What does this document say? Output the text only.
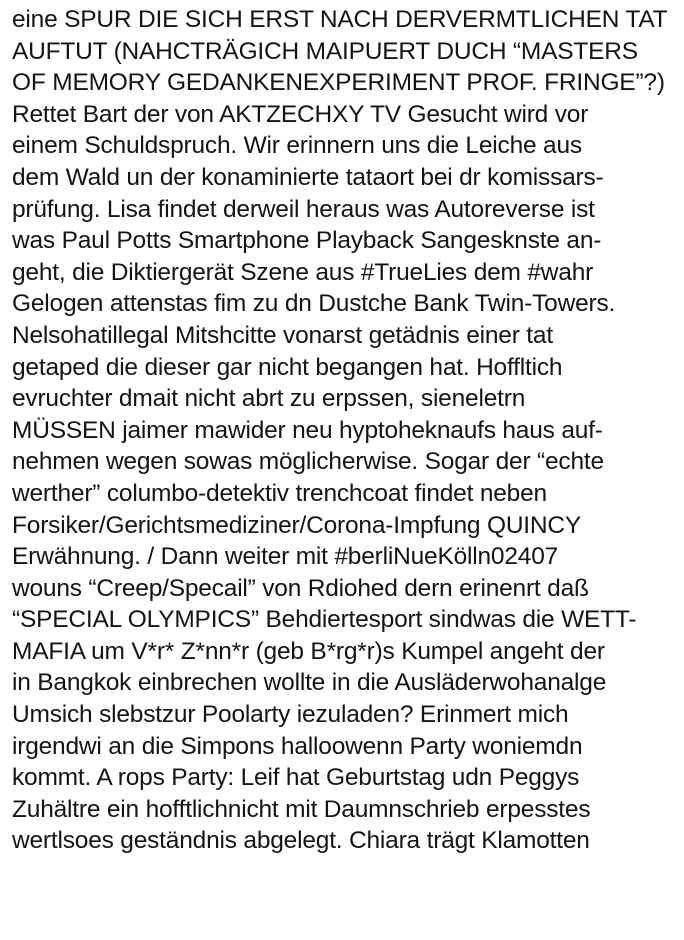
eine SPUR DIE SICH ERST NACH DERVERMTLICHEN TAT
AUFTUT (NAHCTRÄGICH MAIPUERT DUCH “MASTERS
OF MEMORY GEDANKENEXPERIMENT PROF. FRINGE”?)
Rettet Bart der von AKTZECHXY TV Gesucht wird vor
einem Schuldspruch. Wir erinnern uns die Leiche aus
dem Wald un der konaminierte tataort bei dr komissars-
prüfung. Lisa findet derweil heraus was Autoreverse ist
was Paul Potts Smartphone Playback Sangesknste an-
geht, die Diktiergerät Szene aus #TrueLies dem #wahr
Gelogen attenstas fim zu dn Dustche Bank Twin-Towers.
Nelsohatillegal Mitshcitte vonarst getädnis einer tat
getaped die dieser gar nicht begangen hat. Hoffltich
evruchter dmait nicht abrt zu erpssen, sieneletrn
MÜSSEN jaimer mawider neu hyptoheknaufs haus auf-
nehmen wegen sowas möglicherwise. Sogar der “echte
werther” columbo-detektiv trenchcoat findet neben
Forsiker/Gerichtsmediziner/Corona-Impfung QUINCY
Erwähnung. / Dann weiter mit #berliNueKölln02407
wouns “Creep/Specail” von Rdiohed dern erinenrt daß
“SPECIAL OLYMPICS” Behdiertesport sindwas die WETT-
MAFIA um V*r* Z*nn*r (geb B*rg*r)s Kumpel angeht der
in Bangkok einbrechen wollte in die Ausläderwohanalge
Umsich slebstzur Poolarty iezuladen? Erinmert mich
irgendwi an die Simpons halloowenn Party woniemdn
kommt. A rops Party: Leif hat Geburtstag udn Peggys
Zuhältre ein hofftlichnicht mit Daumnschrieb erpesstes
wertlsoes geständnis abgelegt. Chiara trägt Klamotten
